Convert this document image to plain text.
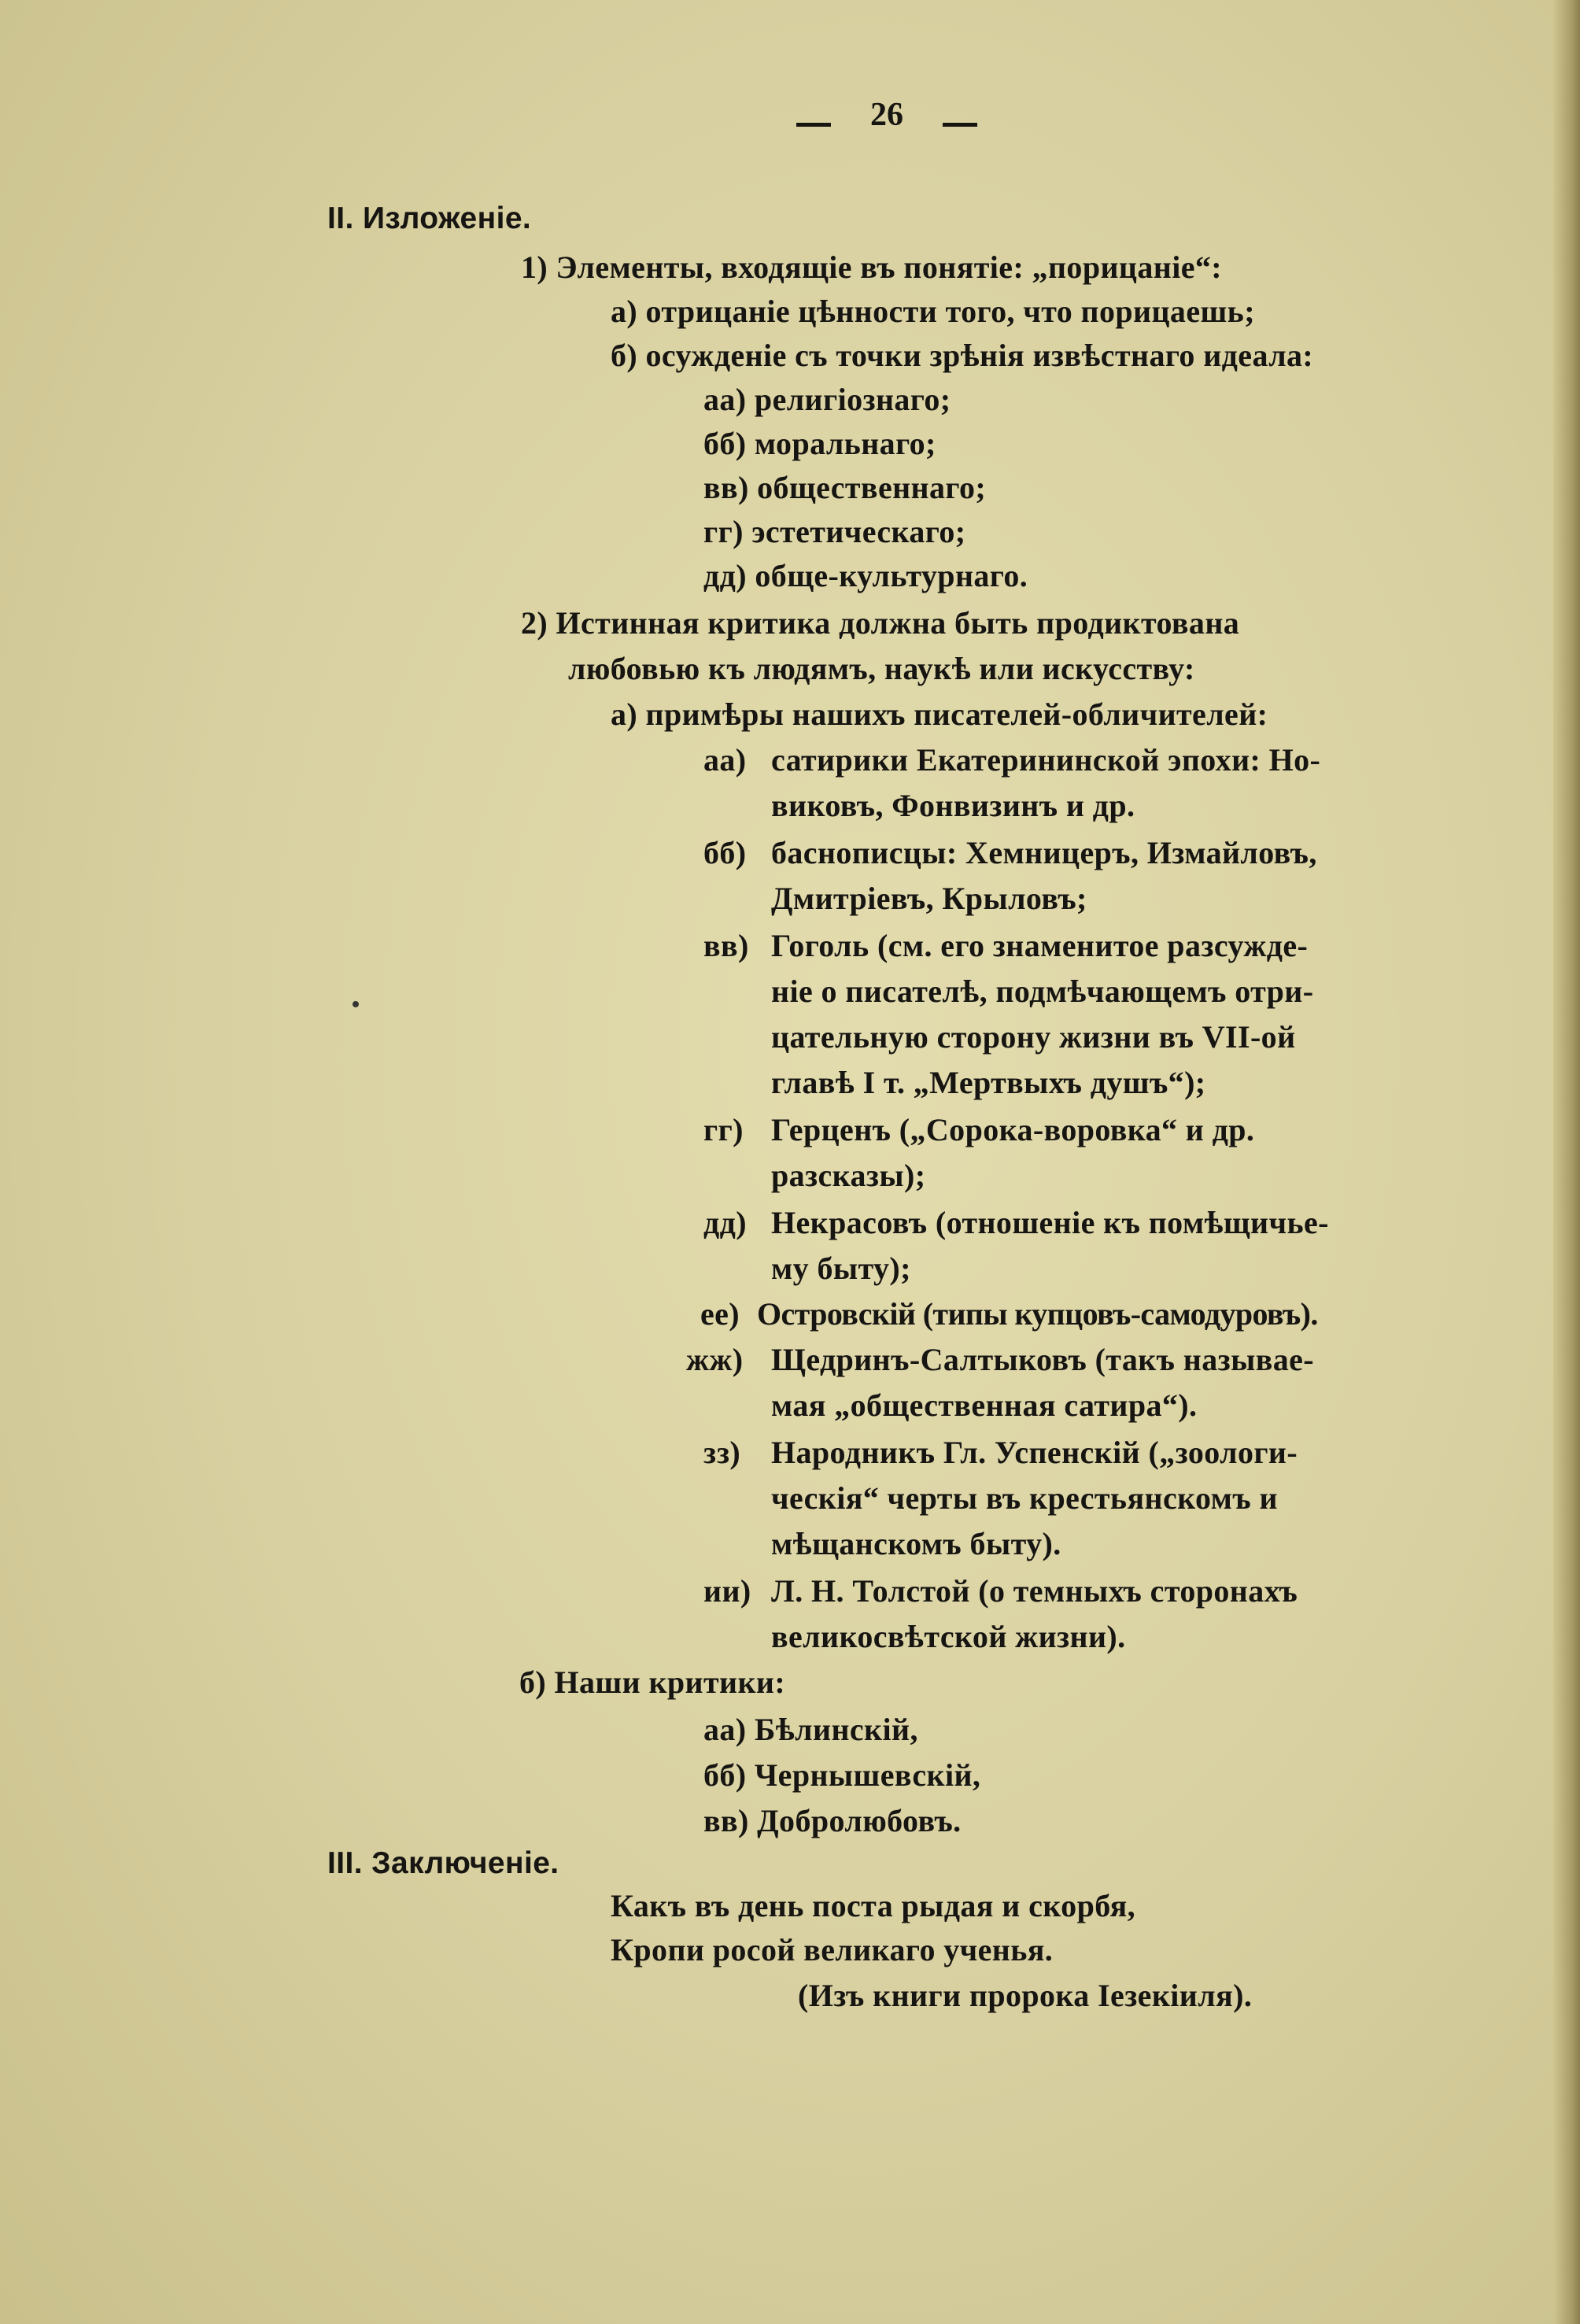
26
II. Изложеніе.
1) Элементы, входящіе въ понятіе: „порицаніе“:
а) отрицаніе цѣнности того, что порицаешь;
б) осужденіе съ точки зрѣнія извѣстнаго идеала:
аа) религіознаго;
бб) моральнаго;
вв) общественнаго;
гг) эстетическаго;
дд) обще-культурнаго.
2) Истинная критика должна быть продиктована
любовью къ людямъ, наукѣ или искусству:
а) примѣры нашихъ писателей-обличителей:
аа) сатирики Екатерининской эпохи: Но-
виковъ, Фонвизинъ и др.
бб) баснописцы: Хемницеръ, Измайловъ,
Дмитріевъ, Крыловъ;
вв) Гоголь (см. его знаменитое разсужде-
ніе о писателѣ, подмѣчающемъ отри-
цательную сторону жизни въ VII-ой
главѣ I т. „Мертвыхъ душъ“);
гг) Герценъ („Сорока-воровка“ и др.
разсказы);
дд) Некрасовъ (отношеніе къ помѣщичье-
му быту);
ее) Островскій (типы купцовъ-самодуровъ).
жж) Щедринъ-Салтыковъ (такъ называе-
мая „общественная сатира“).
зз) Народникъ Гл. Успенскій („зоологи-
ческія“ черты въ крестьянскомъ и
мѣщанскомъ быту).
ии) Л. Н. Толстой (о темныхъ сторонахъ
великосвѣтской жизни).
б) Наши критики:
аа) Бѣлинскій,
бб) Чернышевскій,
вв) Добролюбовъ.
III. Заключеніе.
Какъ въ день поста рыдая и скорбя,
Кропи росой великаго ученья.
(Изъ книги пророка Іезекіиля).
